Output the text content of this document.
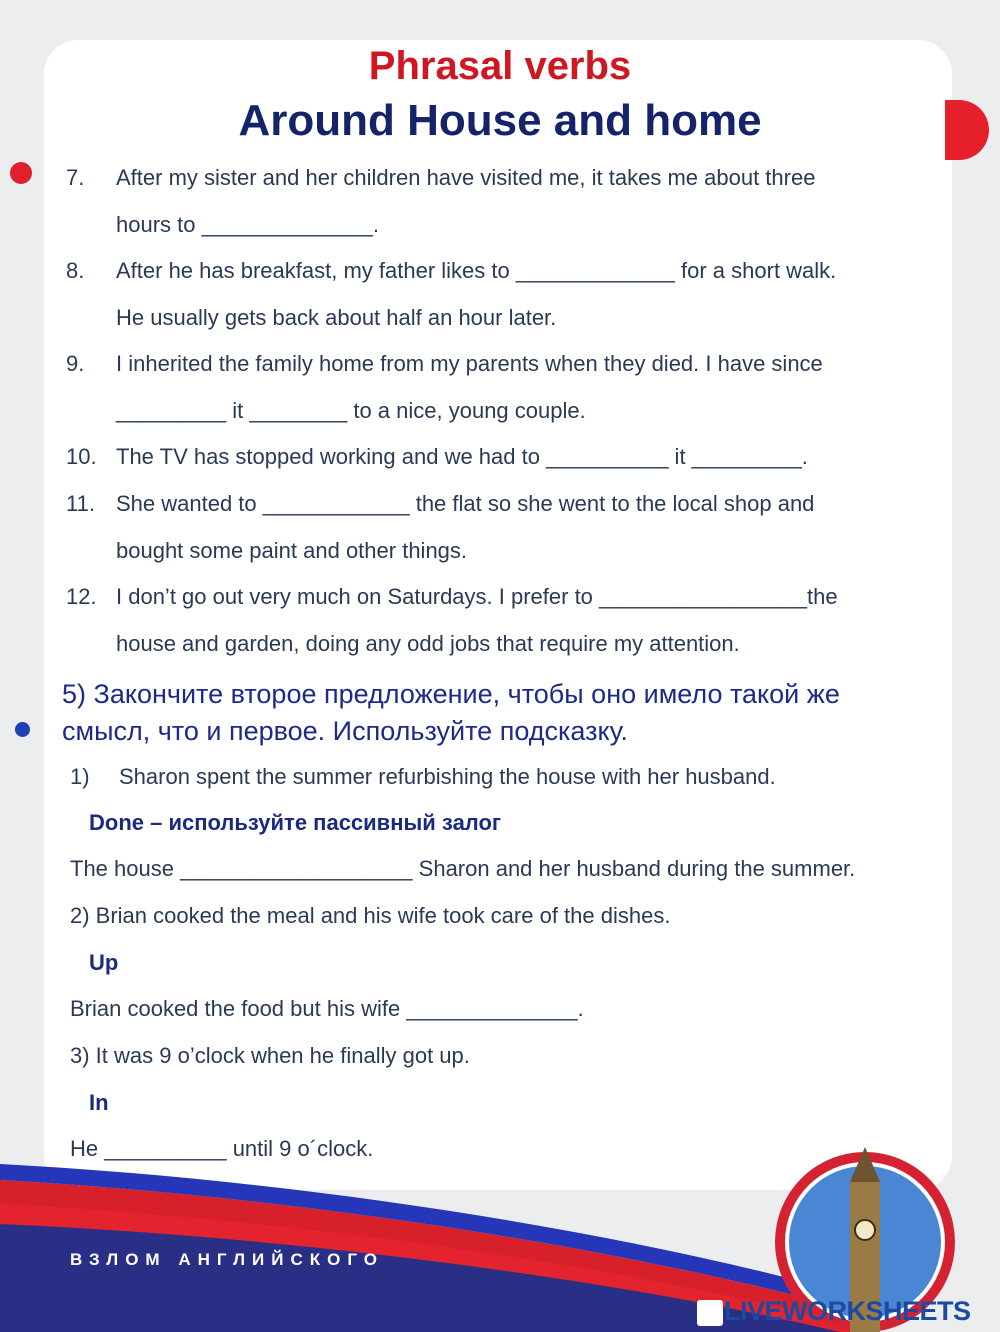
Phrasal verbs
Around House and home
7. After my sister and her children have visited me, it takes me about three
hours to ______________.
8. After he has breakfast, my father likes to _____________ for a short walk.
He usually gets back about half an hour later.
9. I inherited the family home from my parents when they died. I have since
_________ it ________ to a nice, young couple.
10. The TV has stopped working and we had to __________ it _________.
11. She wanted to ____________ the flat so she went to the local shop and
bought some paint and other things.
12. I don’t go out very much on Saturdays. I prefer to _________________the
house and garden, doing any odd jobs that require my attention.
5) Закончите второе предложение, чтобы оно имело такой же
смысл, что и первое. Используйте подсказку.
1) Sharon spent the summer refurbishing the house with her husband.
Done – используйте пассивный залог
The house ___________________ Sharon and her husband during the summer.
2) Brian cooked the meal and his wife took care of the dishes.
Up
Brian cooked the food but his wife ______________.
3) It was 9 o’clock when he finally got up.
In
He __________ until 9 o´clock.
ВЗЛОМ АНГЛИЙСКОГО
LIVEWORKSHEETS
